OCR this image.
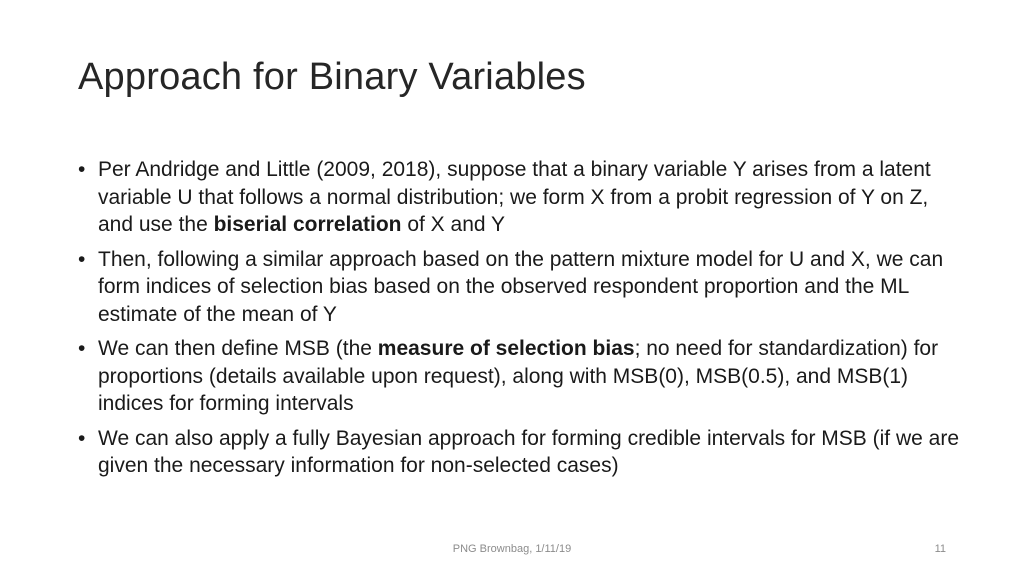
Approach for Binary Variables
• Per Andridge and Little (2009, 2018), suppose that a binary variable Y arises from a latent variable U that follows a normal distribution; we form X from a probit regression of Y on Z, and use the biserial correlation of X and Y
• Then, following a similar approach based on the pattern mixture model for U and X, we can form indices of selection bias based on the observed respondent proportion and the ML estimate of the mean of Y
• We can then define MSB (the measure of selection bias; no need for standardization) for proportions (details available upon request), along with MSB(0), MSB(0.5), and MSB(1) indices for forming intervals
• We can also apply a fully Bayesian approach for forming credible intervals for MSB (if we are given the necessary information for non-selected cases)
PNG Brownbag, 1/11/19	11
